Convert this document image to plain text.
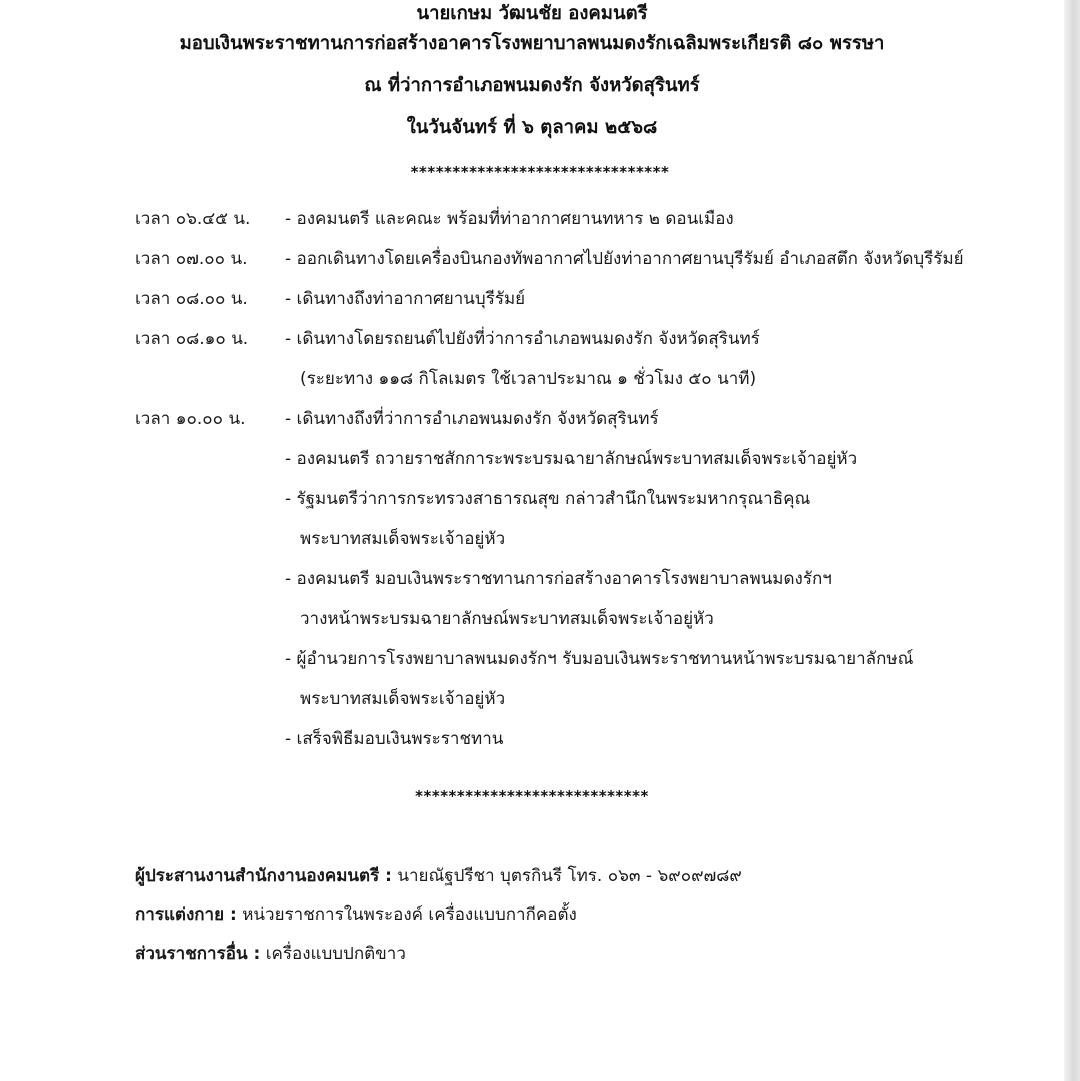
นายเกษม วัฒนชัย องคมนตรี
มอบเงินพระราชทานการก่อสร้างอาคารโรงพยาบาลพนมดงรักเฉลิมพระเกียรติ ๘๐ พรรษา
ณ ที่ว่าการอำเภอพนมดงรัก จังหวัดสุรินทร์
ในวันจันทร์ ที่ ๖ ตุลาคม ๒๕๖๘
*******************************
เวลา ๐๖.๔๕ น.	- องคมนตรี และคณะ พร้อมที่ท่าอากาศยานทหาร ๒ ดอนเมือง
เวลา ๐๗.๐๐ น.	- ออกเดินทางโดยเครื่องบินกองทัพอากาศไปยังท่าอากาศยานบุรีรัมย์ อำเภอสตึก จังหวัดบุรีรัมย์
เวลา ๐๘.๐๐ น.	- เดินทางถึงท่าอากาศยานบุรีรัมย์
เวลา ๐๘.๑๐ น.	- เดินทางโดยรถยนต์ไปยังที่ว่าการอำเภอพนมดงรัก จังหวัดสุรินทร์
(ระยะทาง ๑๑๘ กิโลเมตร ใช้เวลาประมาณ ๑ ชั่วโมง ๕๐ นาที)
เวลา ๑๐.๐๐ น.	- เดินทางถึงที่ว่าการอำเภอพนมดงรัก จังหวัดสุรินทร์
- องคมนตรี ถวายราชสักการะพระบรมฉายาลักษณ์พระบาทสมเด็จพระเจ้าอยู่หัว
- รัฐมนตรีว่าการกระทรวงสาธารณสุข กล่าวสำนึกในพระมหากรุณาธิคุณ
พระบาทสมเด็จพระเจ้าอยู่หัว
- องคมนตรี มอบเงินพระราชทานการก่อสร้างอาคารโรงพยาบาลพนมดงรักฯ
วางหน้าพระบรมฉายาลักษณ์พระบาทสมเด็จพระเจ้าอยู่หัว
- ผู้อำนวยการโรงพยาบาลพนมดงรักฯ รับมอบเงินพระราชทานหน้าพระบรมฉายาลักษณ์
พระบาทสมเด็จพระเจ้าอยู่หัว
- เสร็จพิธีมอบเงินพระราชทาน
****************************
ผู้ประสานงานสำนักงานองคมนตรี : นายณัฐปรีชา บุตรกินรี โทร. ๐๖๓ - ๖๙๐๙๗๘๙
การแต่งกาย : หน่วยราชการในพระองค์ เครื่องแบบกากีคอตั้ง
ส่วนราชการอื่น : เครื่องแบบปกติขาว
